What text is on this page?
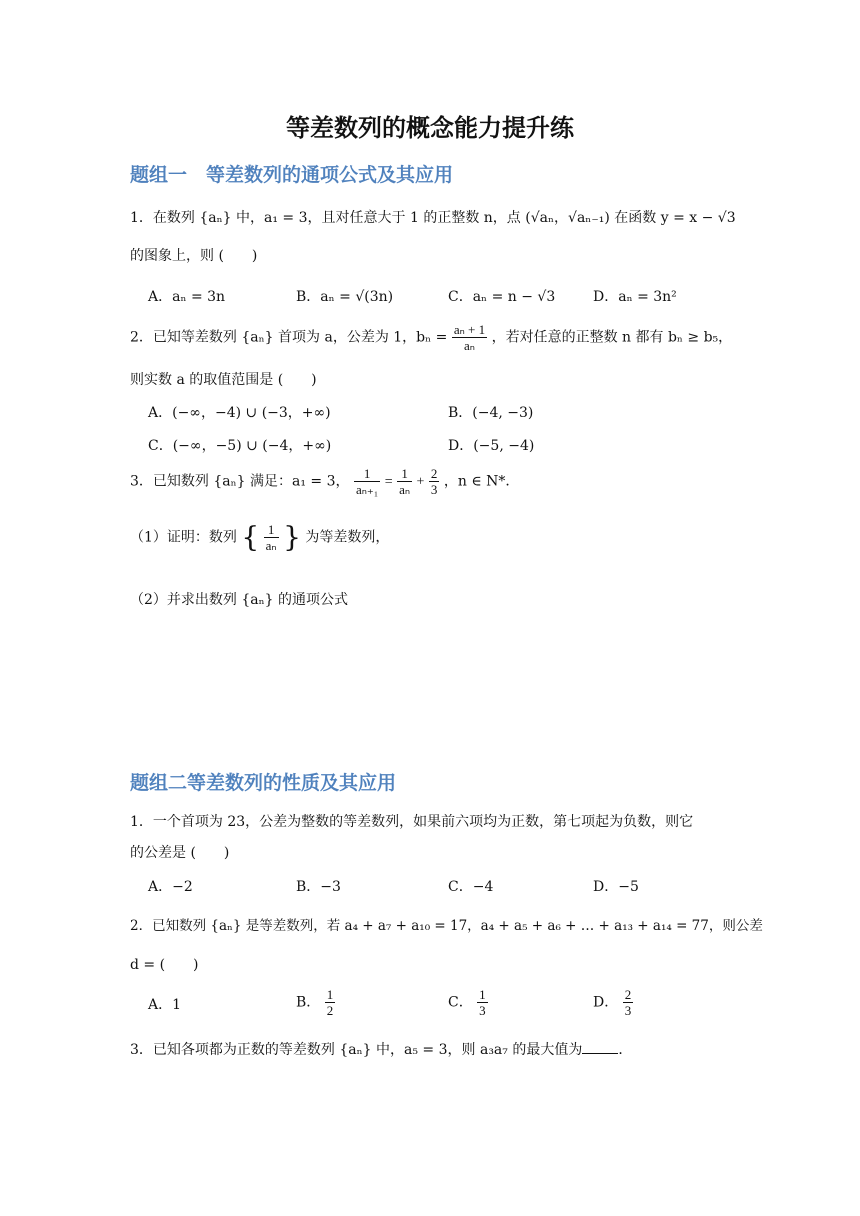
等差数列的概念能力提升练
题组一　等差数列的通项公式及其应用
1．在数列 {aₙ} 中，a₁ = 3，且对任意大于 1 的正整数 n，点 (√aₙ，√aₙ₋₁) 在函数 y = x − √3
的图象上，则 (　　)
A．aₙ = 3n	B．aₙ = √(3n)	C．aₙ = n − √3	D．aₙ = 3n²
2．已知等差数列 {aₙ} 首项为 a，公差为 1，$b_n = \frac{\text{aₙ + 1}}{\text{aₙ}}$ ，若对任意的正整数 n 都有 bₙ ≥ b₅，
则实数 a 的取值范围是 (　　)
A．(−∞，−4) ∪ (−3，+∞)	B．(−4, −3)
C．(−∞，−5) ∪ (−4，+∞)	D．(−5, −4)
3．已知数列 {aₙ} 满足：a₁ = 3， $\frac{1}{\text{aₙ₊₁}} = \frac{1}{\text{aₙ}} + \frac{2}{3}$ ，n ∈ N*．
（1）证明：数列 { $\frac{1}{\text{aₙ}}$ } 为等差数列，
（2）并求出数列 {aₙ} 的通项公式
题组二等差数列的性质及其应用
1．一个首项为 23，公差为整数的等差数列，如果前六项均为正数，第七项起为负数，则它
的公差是 (　　)
A．−2	B．−3	C．−4	D．−5
2．已知数列 {aₙ} 是等差数列，若 a₄ + a₇ + a₁₀ = 17，a₄ + a₅ + a₆ + … + a₁₃ + a₁₄ = 77，则公差
d = (　　)
A．1	B． $\frac{1}{2}$	C． $\frac{1}{3}$	D． $\frac{2}{3}$
3．已知各项都为正数的等差数列 {aₙ} 中，a₅ = 3，则 a₃a₇ 的最大值为	．
